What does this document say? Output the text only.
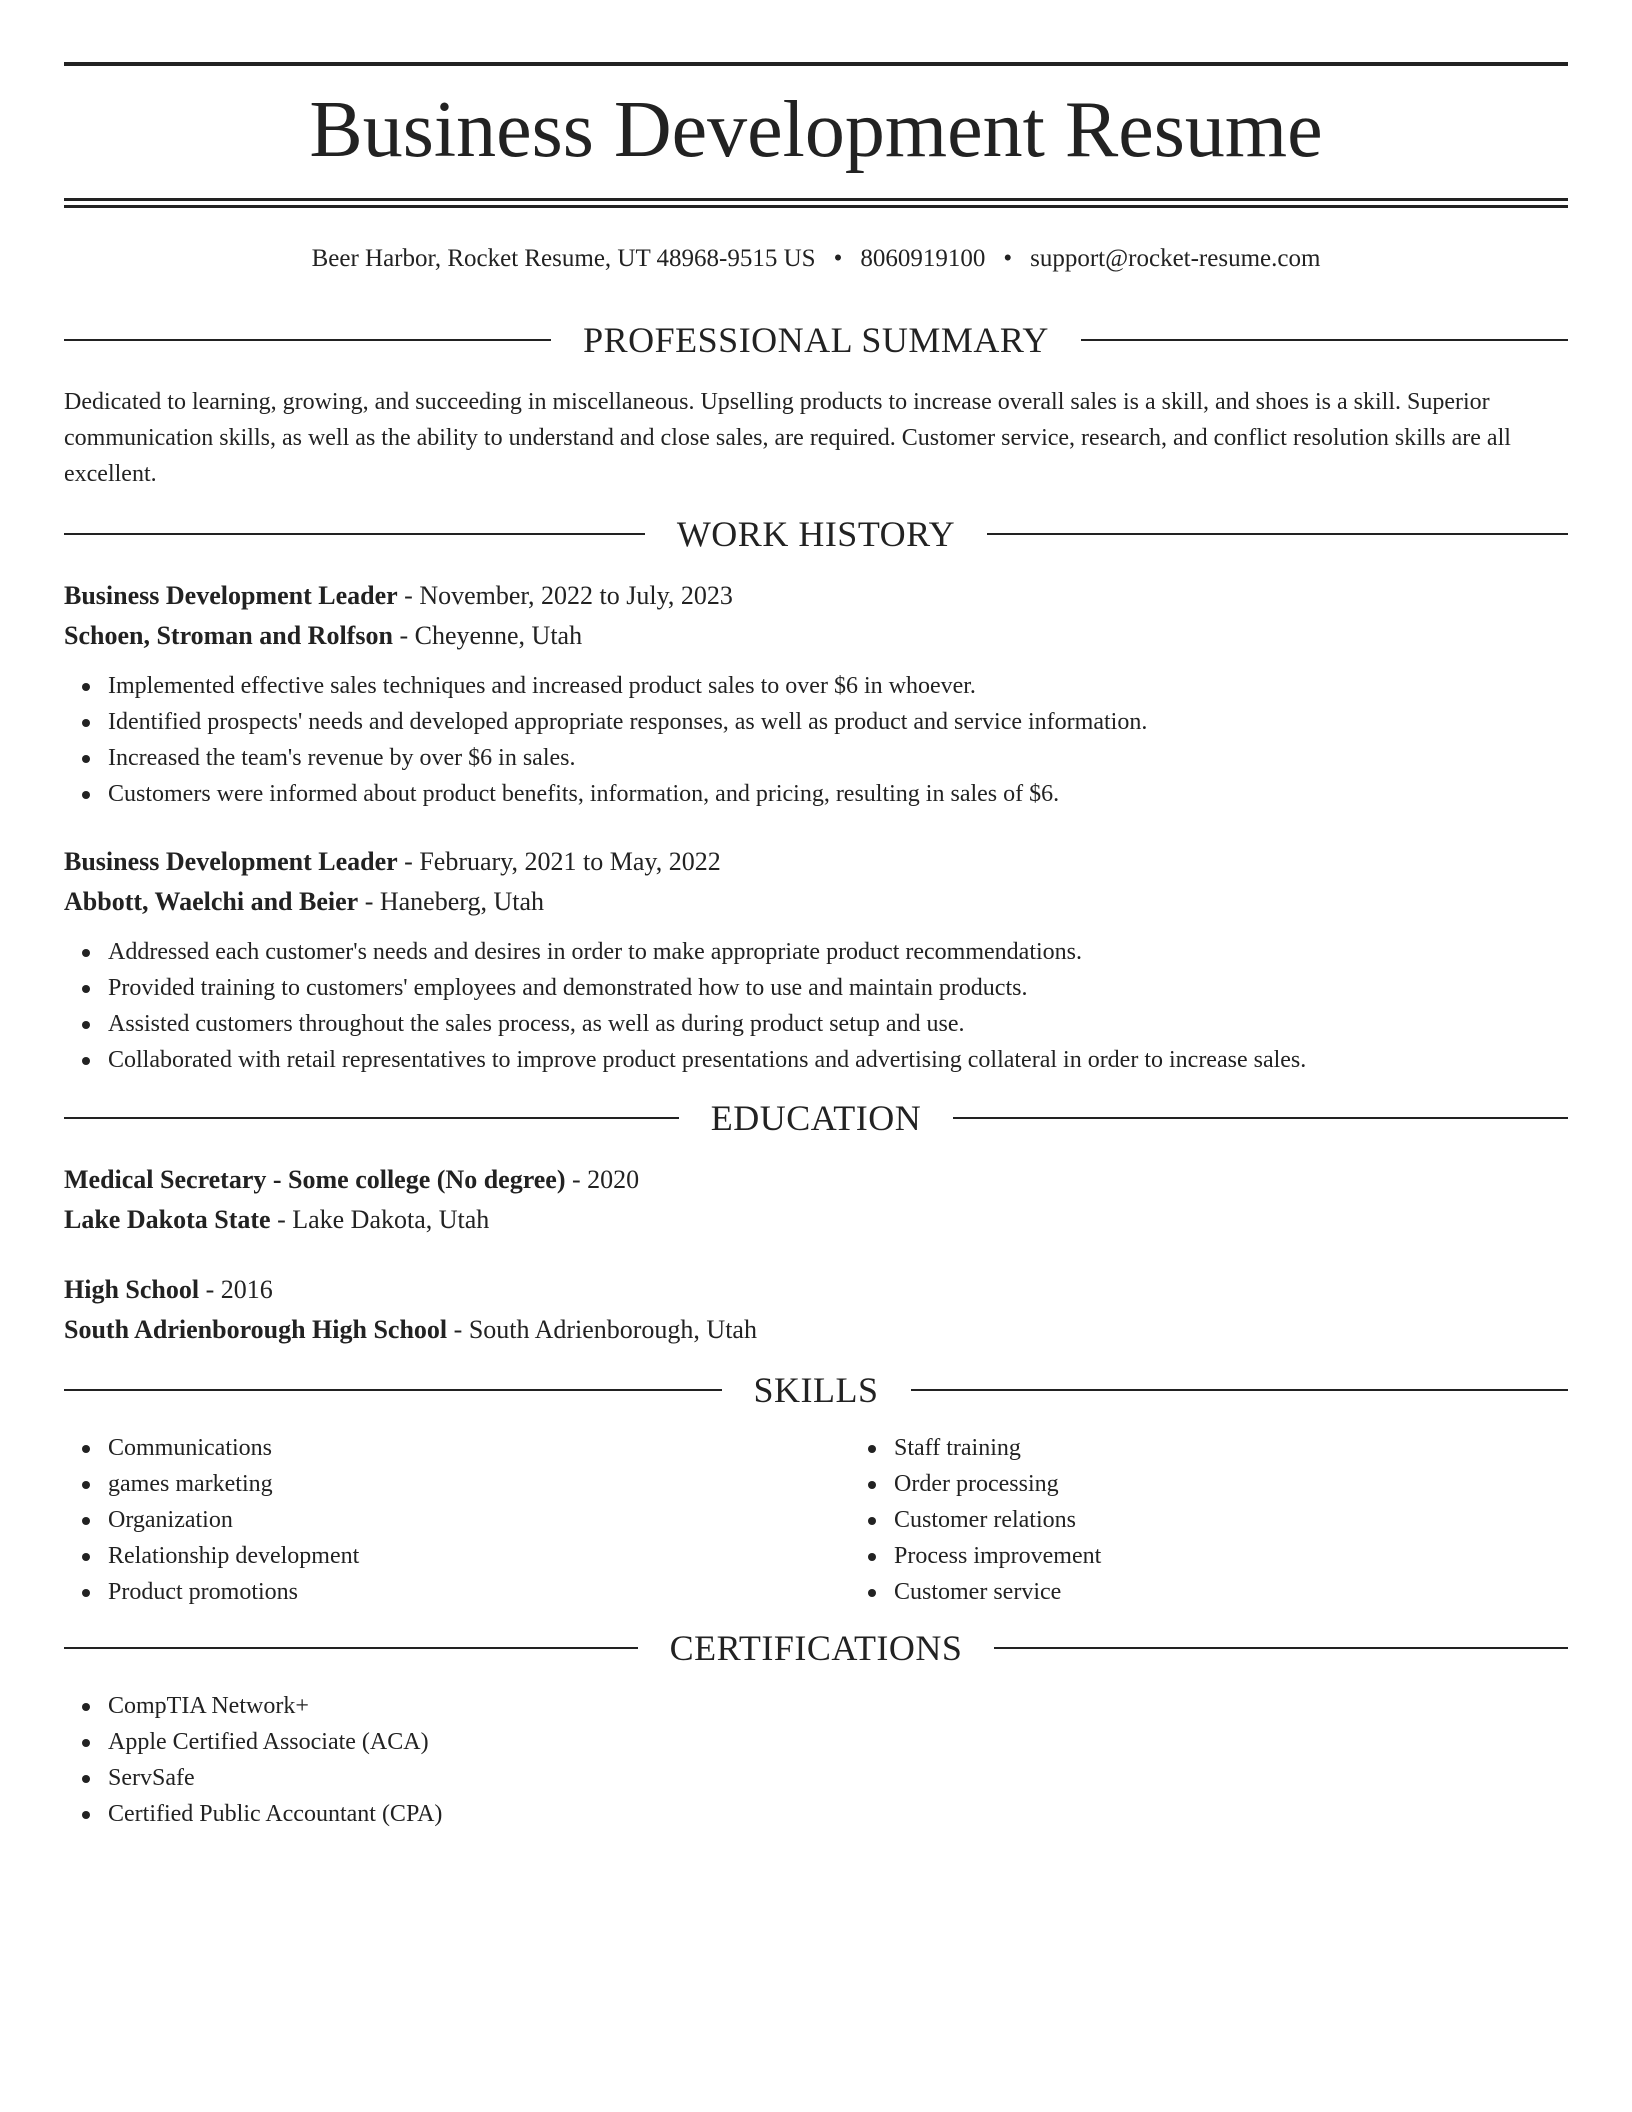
Business Development Resume
Beer Harbor, Rocket Resume, UT 48968-9515 US • 8060919100 • support@rocket-resume.com
PROFESSIONAL SUMMARY

Dedicated to learning, growing, and succeeding in miscellaneous. Upselling products to increase overall sales is a skill, and shoes is a skill. Superior communication skills, as well as the ability to understand and close sales, are required. Customer service, research, and conflict resolution skills are all excellent.

WORK HISTORY

Business Development Leader - November, 2022 to July, 2023

Schoen, Stroman and Rolfson - Cheyenne, Utah

Implemented effective sales techniques and increased product sales to over $6 in whoever.
Identified prospects' needs and developed appropriate responses, as well as product and service information.
Increased the team's revenue by over $6 in sales.
Customers were informed about product benefits, information, and pricing, resulting in sales of $6.

Business Development Leader - February, 2021 to May, 2022

Abbott, Waelchi and Beier - Haneberg, Utah

Addressed each customer's needs and desires in order to make appropriate product recommendations.
Provided training to customers' employees and demonstrated how to use and maintain products.
Assisted customers throughout the sales process, as well as during product setup and use.
Collaborated with retail representatives to improve product presentations and advertising collateral in order to increase sales.
EDUCATION

Medical Secretary - Some college (No degree) - 2020

Lake Dakota State - Lake Dakota, Utah

High School - 2016

South Adrienborough High School - South Adrienborough, Utah

SKILLS
Communications
games marketing
Organization
Relationship development
Product promotions
Staff training
Order processing
Customer relations
Process improvement
Customer service
CERTIFICATIONS
CompTIA Network+
Apple Certified Associate (ACA)
ServSafe
Certified Public Accountant (CPA)
